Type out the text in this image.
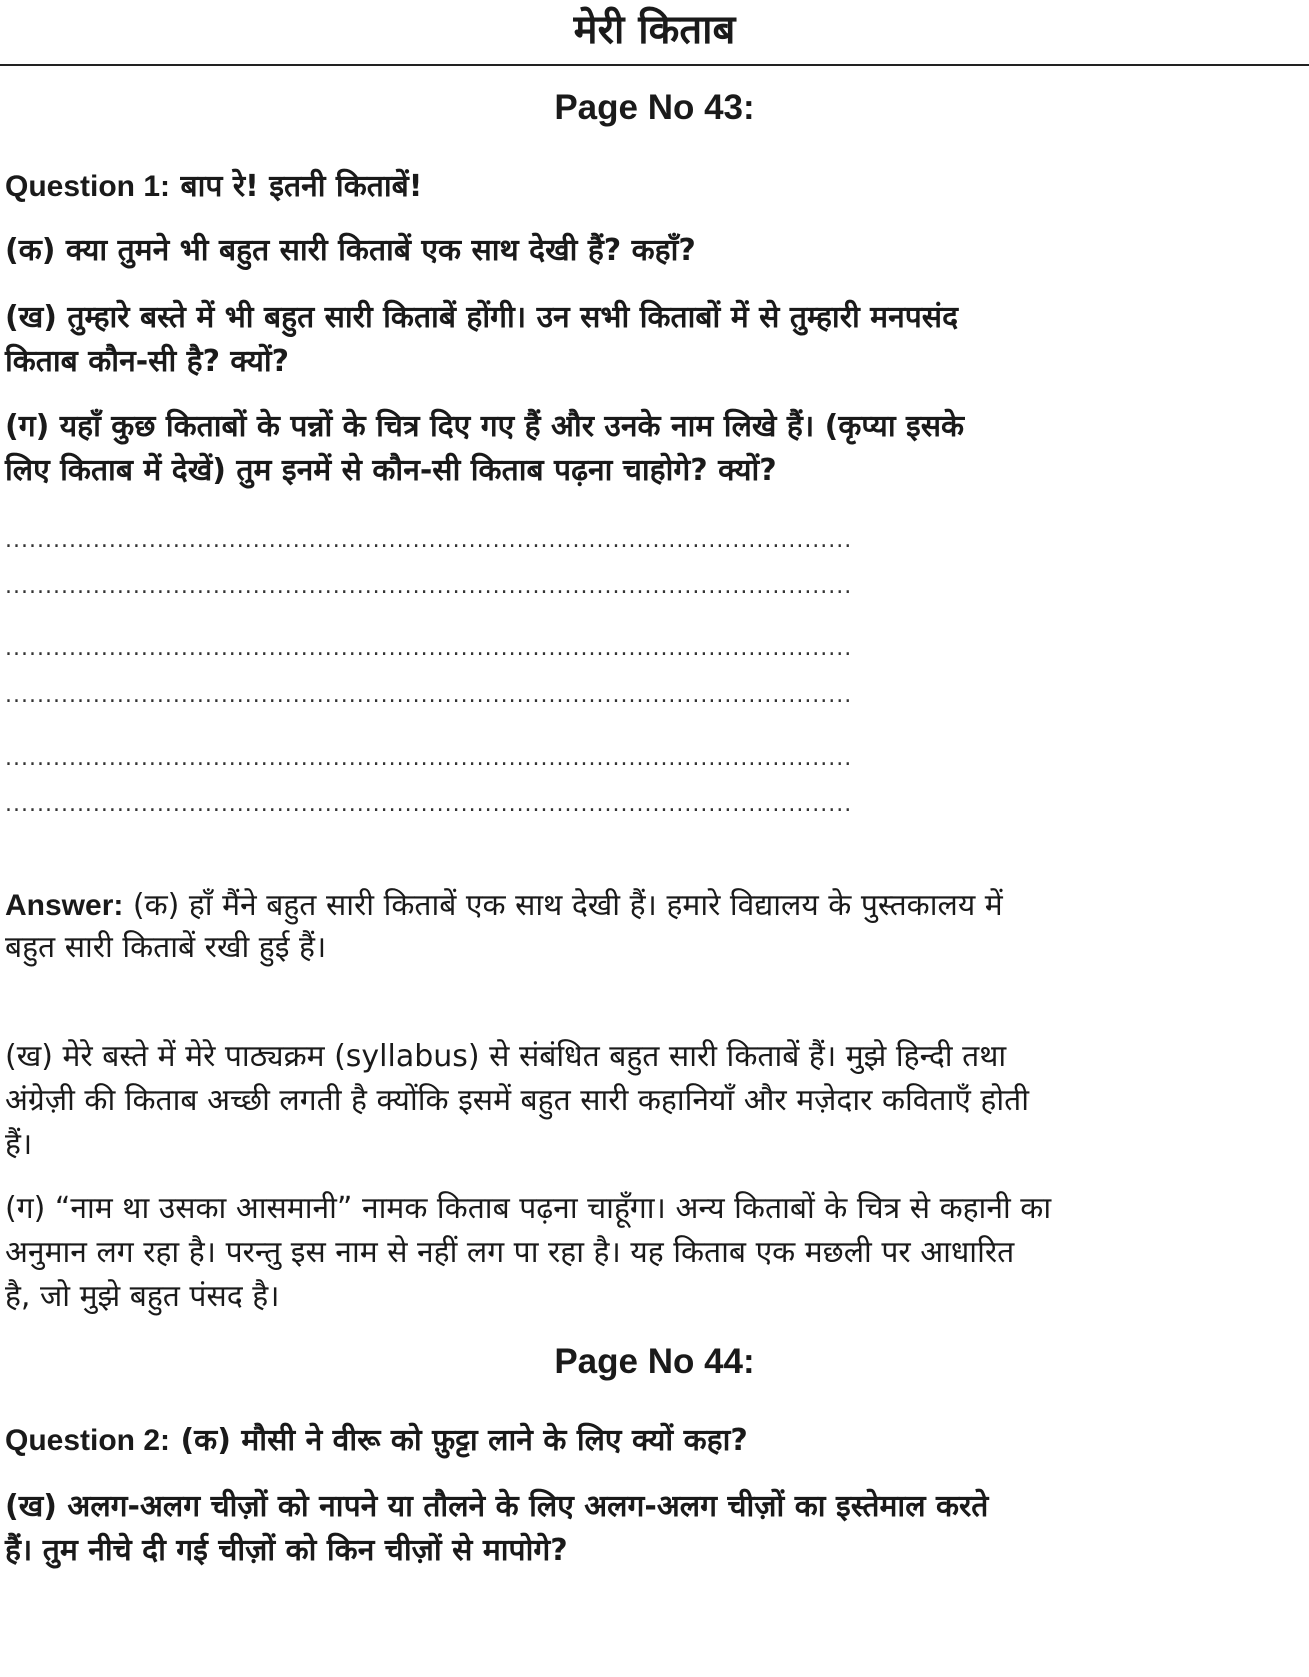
मेरी किताब
Page No 43:

Question 1: बाप रे! इतनी किताबें!

(क) क्या तुमने भी बहुत सारी किताबें एक साथ देखी हैं? कहाँ?

(ख) तुम्हारे बस्ते में भी बहुत सारी किताबें होंगी। उन सभी किताबों में से तुम्हारी मनपसंद

किताब कौन-सी है? क्यों?

(ग) यहाँ कुछ किताबों के पन्नों के चित्र दिए गए हैं और उनके नाम लिखे हैं। (कृप्या इसके

लिए किताब में देखें) तुम इनमें से कौन-सी किताब पढ़ना चाहोगे? क्यों?

..........................................................................................................
..........................................................................................................
..........................................................................................................
..........................................................................................................
..........................................................................................................
..........................................................................................................

Answer: (क) हाँ मैंने बहुत सारी किताबें एक साथ देखी हैं। हमारे विद्यालय के पुस्तकालय में

बहुत सारी किताबें रखी हुई हैं।

(ख) मेरे बस्ते में मेरे पाठ्यक्रम (syllabus) से संबंधित बहुत सारी किताबें हैं। मुझे हिन्दी तथा

अंग्रेज़ी की किताब अच्छी लगती है क्योंकि इसमें बहुत सारी कहानियाँ और मज़ेदार कविताएँ होती

हैं।

(ग) “नाम था उसका आसमानी” नामक किताब पढ़ना चाहूँगा। अन्य किताबों के चित्र से कहानी का

अनुमान लग रहा है। परन्तु इस नाम से नहीं लग पा रहा है। यह किताब एक मछली पर आधारित

है, जो मुझे बहुत पंसद है।

Page No 44:

Question 2: (क) मौसी ने वीरू को फ़ुट्टा लाने के लिए क्यों कहा?

(ख) अलग-अलग चीज़ों को नापने या तौलने के लिए अलग-अलग चीज़ों का इस्तेमाल करते

हैं। तुम नीचे दी गई चीज़ों को किन चीज़ों से मापोगे?
